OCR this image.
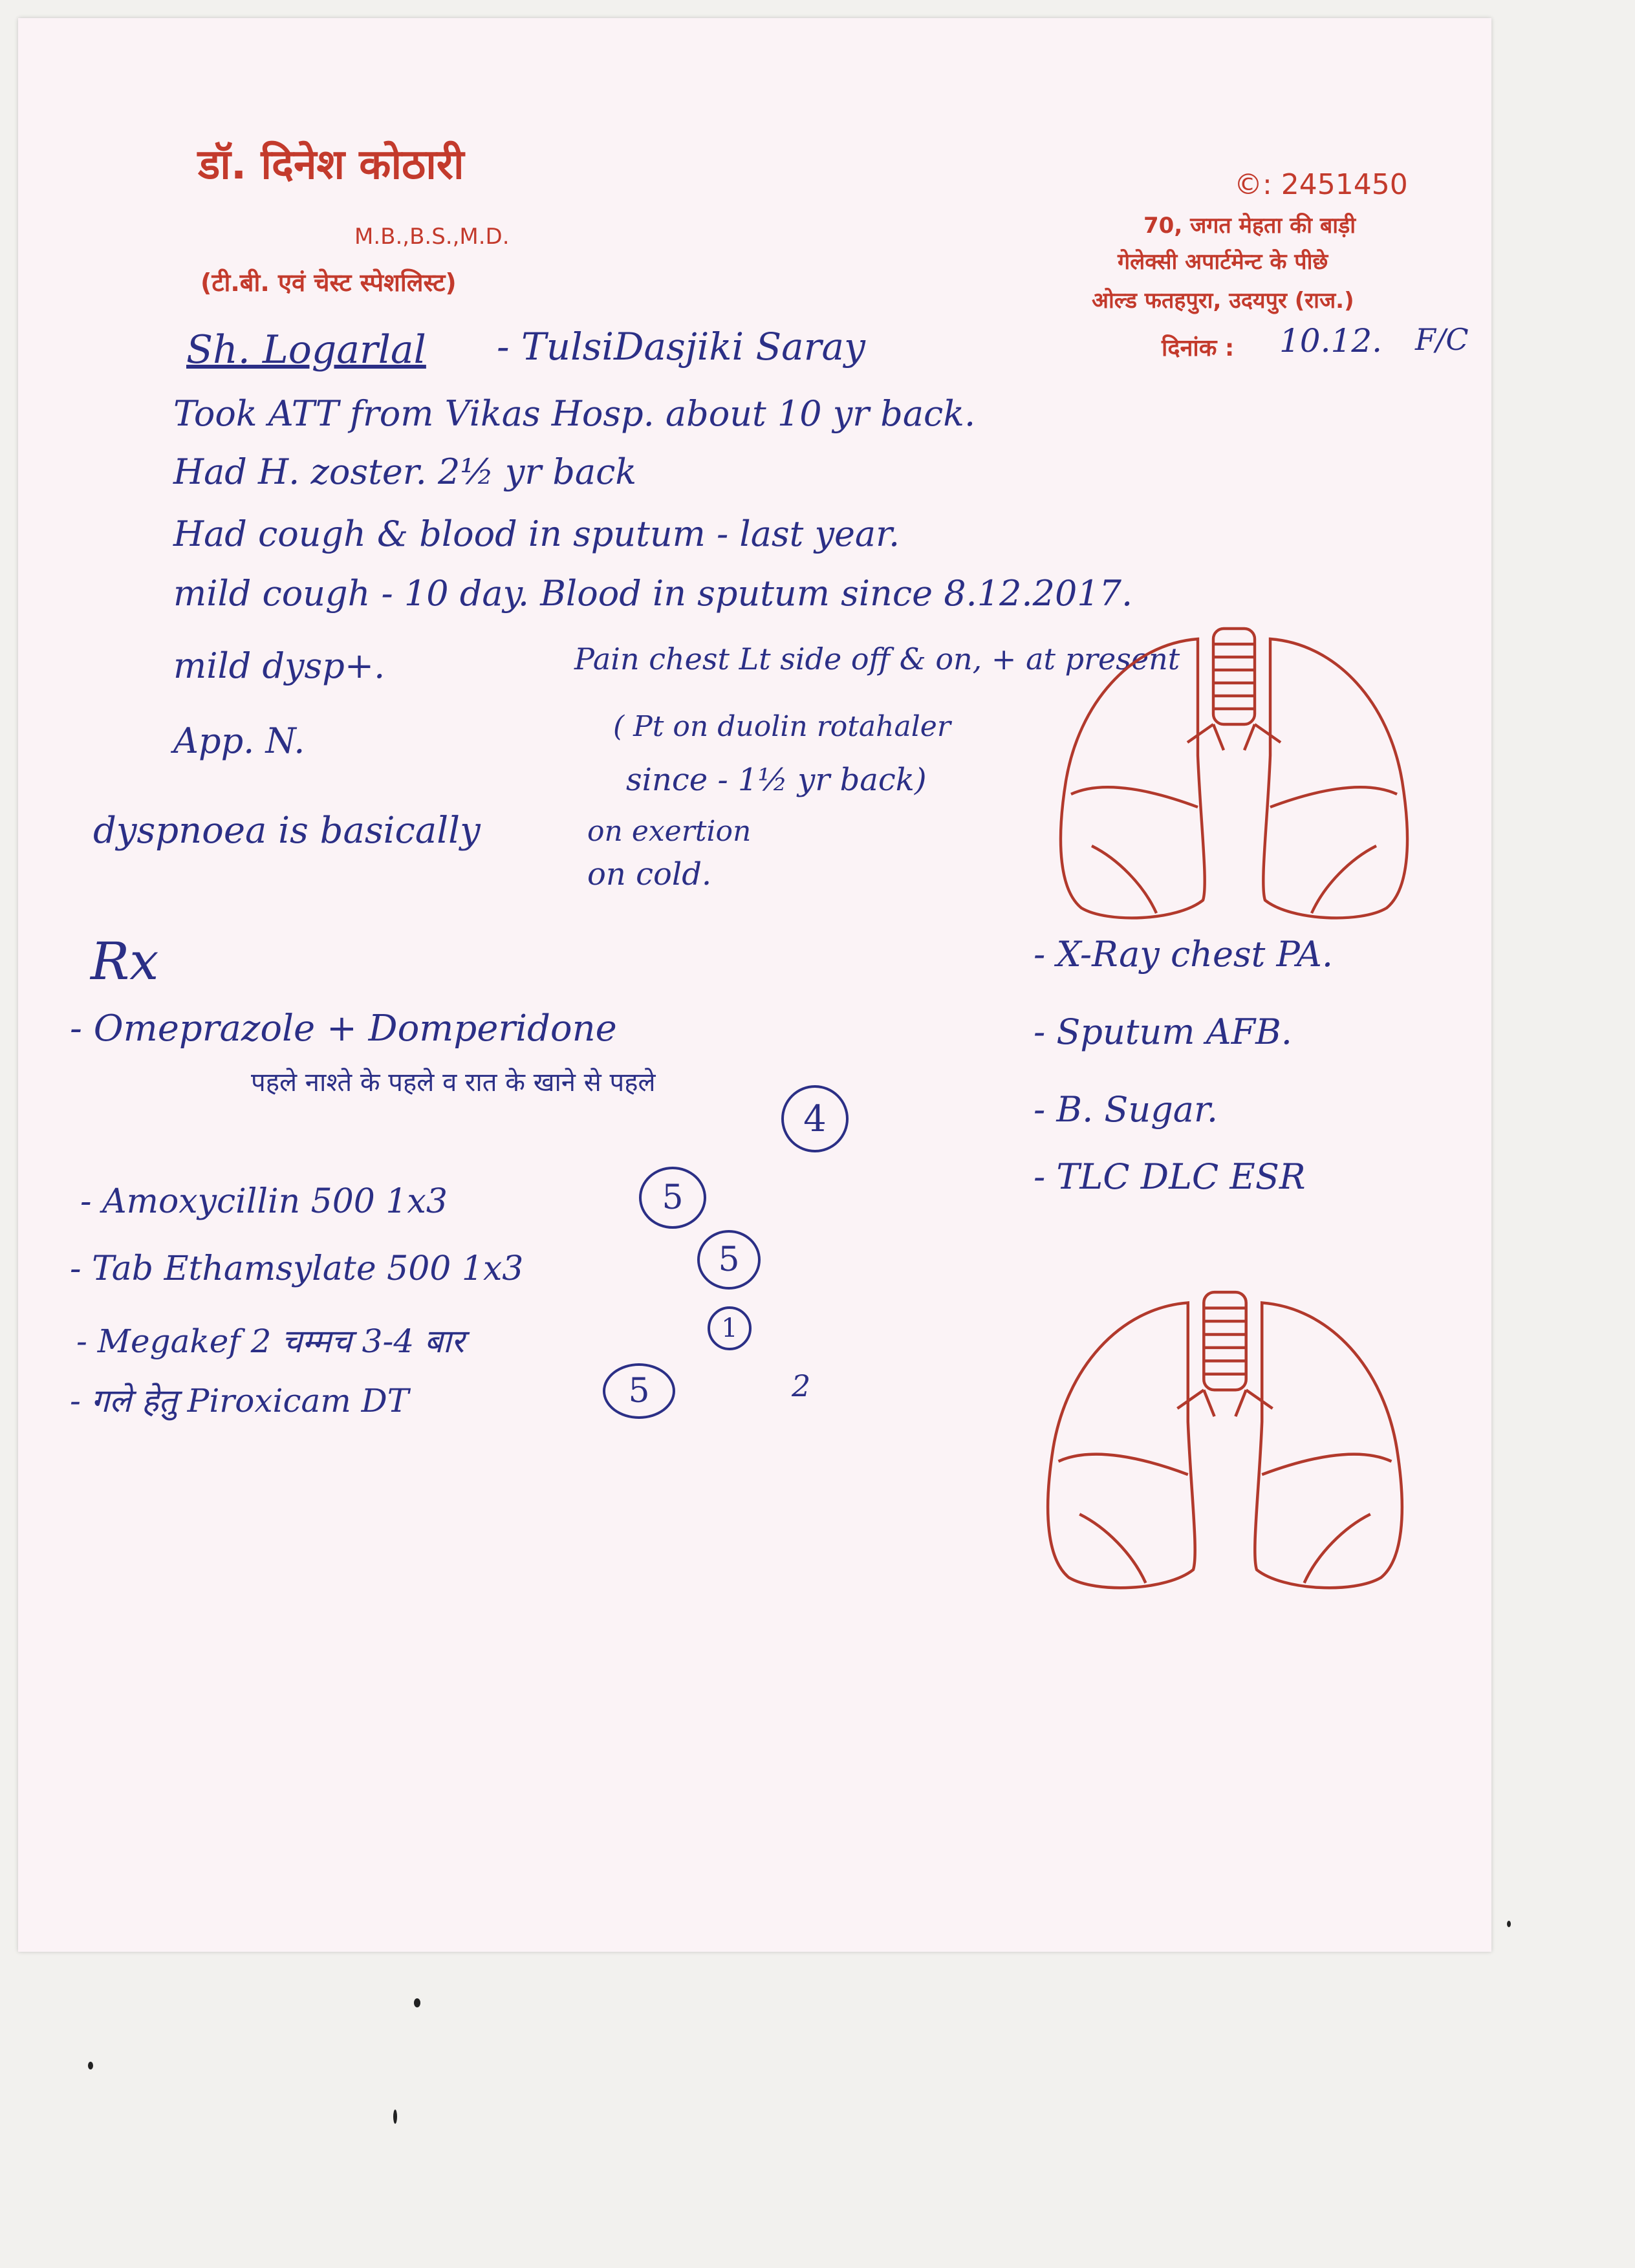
डॉ. दिनेश कोठारी
M.B.,B.S.,M.D.
(टी.बी. एवं चेस्ट स्पेशलिस्ट)
©: 2451450
70, जगत मेहता की बाड़ी
गेलेक्सी अपार्टमेन्ट के पीछे
ओल्ड फतहपुरा, उदयपुर (राज.)
दिनांक : 10.12. F/C
Sh. Logarlal - TulsiDasjiki Saray
Took ATT from Vikas Hosp. about 10 yr back.
Had H. zoster. 2½ yr back
Had cough & blood in sputum - last year.
mild cough - 10 day. Blood in sputum since 8.12.2017.
mild dysp+.	Pain chest Lt side off & on, + at present
App. N.	( Pt on duolin rotahaler
since - 1½ yr back)
dyspnoea is basically	on exertion
on cold.
Rx
- Omeprazole + Domperidone
पहले नाश्ते के पहले व रात के खाने से पहले
4
- Amoxycillin 500 1x3	5
- Tab Ethamsylate 500 1x3	5
- Megakef 2 चम्मच 3-4 बार	1
- गले हेतु Piroxicam DT	5	2
- X-Ray chest PA.
- Sputum AFB.
- B. Sugar.
- TLC DLC ESR
